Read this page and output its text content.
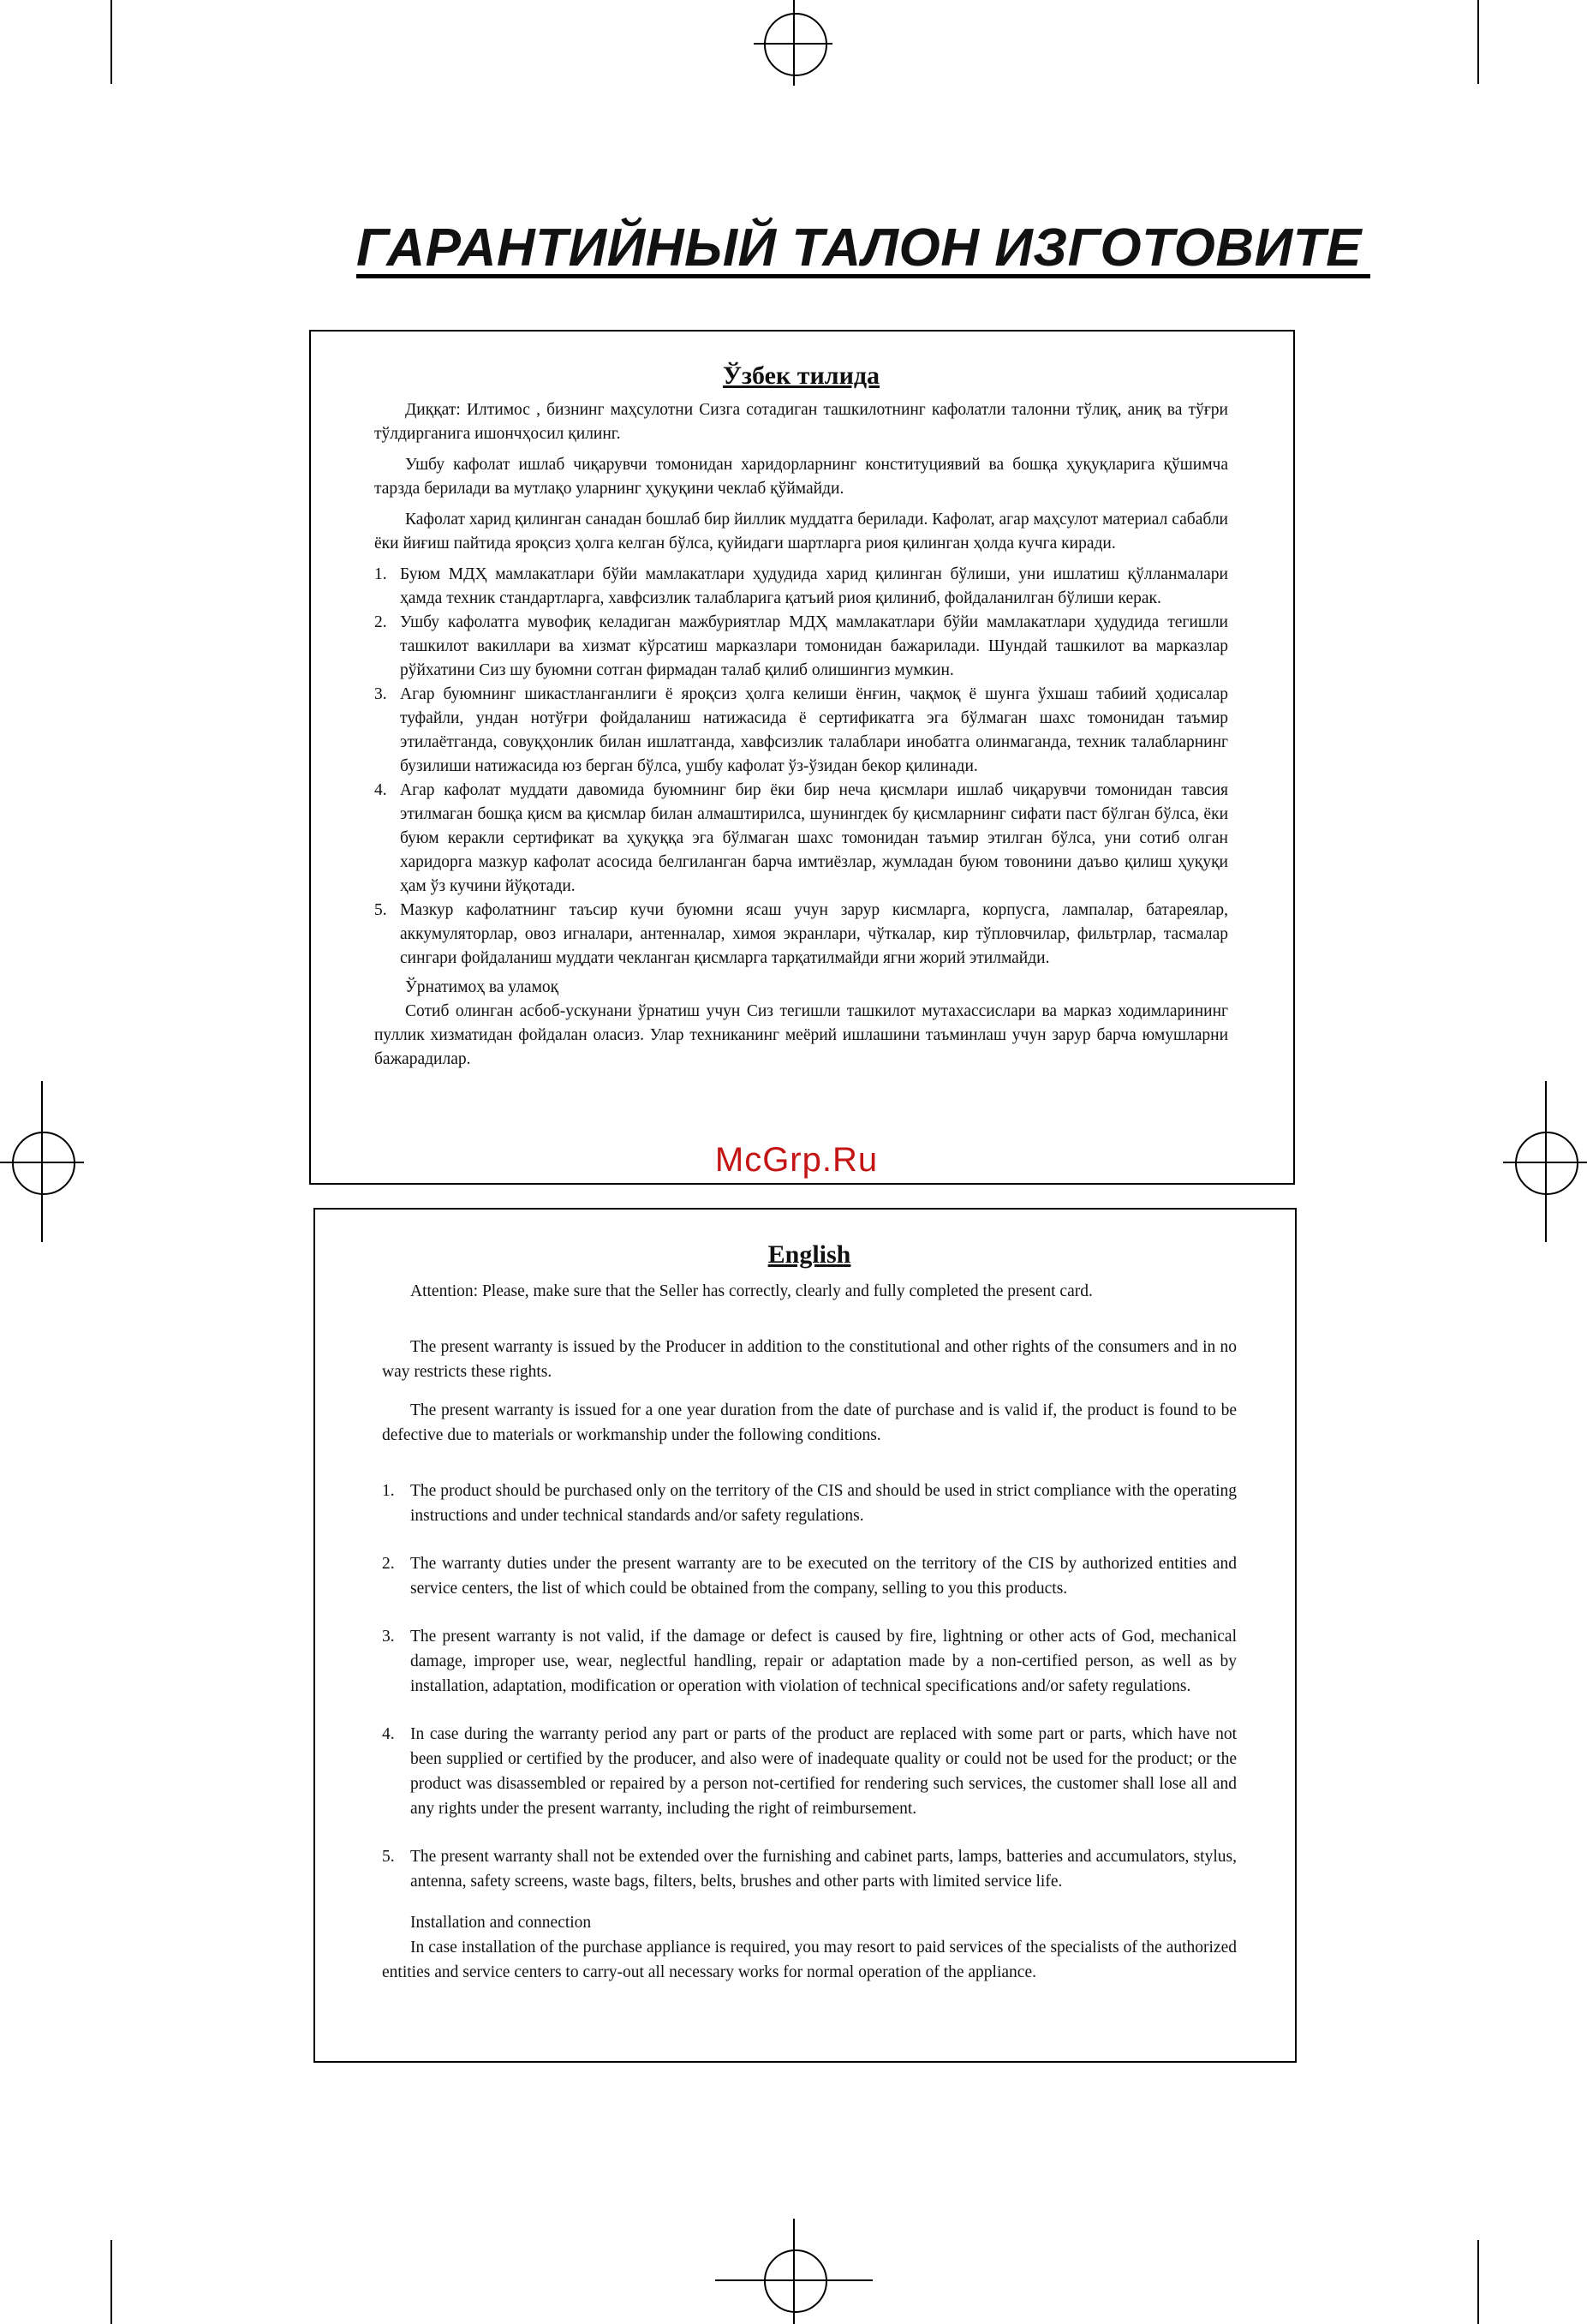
ГАРАНТИЙНЫЙ ТАЛОН ИЗГОТОВИТЕ
Ўзбек тилида

Диққат: Илтимос , бизнинг маҳсулотни Сизга сотадиган ташкилотнинг кафолатли талонни тўлиқ, аниқ ва тўғри тўлдирганига ишончҳосил қилинг.

Ушбу кафолат ишлаб чиқарувчи томонидан харидорларнинг конституциявий ва бошқа ҳуқуқларига қўшимча тарзда берилади ва мутлақо уларнинг ҳуқуқини чеклаб қўймайди.

Кафолат харид қилинган санадан бошлаб бир йиллик муддатга берилади. Кафолат, агар маҳсулот материал сабабли ёки йиғиш пайтида яроқсиз ҳолга келган бўлса, қуйидаги шартларга риоя қилинган ҳолда кучга киради.

1. Буюм МДҲ мамлакатлари бўйи мамлакатлари ҳудудида харид қилинган бўлиши, уни ишлатиш қўлланмалари ҳамда техник стандартларга, хавфсизлик талабларига қатъий риоя қилиниб, фойдаланилган бўлиши керак.
2. Ушбу кафолатга мувофиқ келадиган мажбуриятлар МДҲ мамлакатлари бўйи мамлакатлари ҳудудида тегишли ташкилот вакиллари ва хизмат кўрсатиш марказлари томонидан бажарилади. Шундай ташкилот ва марказлар рўйхатини Сиз шу буюмни сотган фирмадан талаб қилиб олишингиз мумкин.
3. Агар буюмнинг шикастланганлиги ё яроқсиз ҳолга келиши ёнғин, чақмоқ ё шунга ўхшаш табиий ҳодисалар туфайли, ундан нотўғри фойдаланиш натижасида ё сертификатга эга бўлмаган шахс томонидан таъмир этилаётганда, совуқҳонлик билан ишлатганда, хавфсизлик талаблари инобатга олинмаганда, техник талабларнинг бузилиши натижасида юз берган бўлса, ушбу кафолат ўз-ўзидан бекор қилинади.
4. Агар кафолат муддати давомида буюмнинг бир ёки бир неча қисмлари ишлаб чиқарувчи томонидан тавсия этилмаган бошқа қисм ва қисмлар билан алмаштирилса, шунингдек бу қисмларнинг сифати паст бўлган бўлса, ёки буюм керакли сертификат ва ҳуқуққа эга бўлмаган шахс томонидан таъмир этилган бўлса, уни сотиб олган харидорга мазкур кафолат асосида белгиланган барча имтиёзлар, жумладан буюм товонини даъво қилиш ҳуқуқи ҳам ўз кучини йўқотади.
5. Мазкур кафолатнинг таъсир кучи буюмни ясаш учун зарур кисмларга, корпусга, лампалар, батареялар, аккумуляторлар, овоз игналари, антенналар, химоя экранлари, чўткалар, кир тўпловчилар, фильтрлар, тасмалар сингари фойдаланиш муддати чекланган қисмларга тарқатилмайди ягни жорий этилмайди.

Ўрнатимоҳ ва уламоқ

Сотиб олинган асбоб-ускунани ўрнатиш учун Сиз тегишли ташкилот мутахассислари ва марказ ходимларининг пуллик хизматидан фойдалан оласиз. Улар техниканинг меёрий ишлашини таъминлаш учун зарур барча юмушларни бажарадилар.

McGrp.Ru
English

Attention: Please, make sure that the Seller has correctly, clearly and fully completed the present card.

The present warranty is issued by the Producer in addition to the constitutional and other rights of the consumers and in no way restricts these rights.

The present warranty is issued for a one year duration from the date of purchase and is valid if, the product is found to be defective due to materials or workmanship under the following conditions.

1. The product should be purchased only on the territory of the CIS and should be used in strict compliance with the operating instructions and under technical standards and/or safety regulations.
2. The warranty duties under the present warranty are to be executed on the territory of the CIS by authorized entities and service centers, the list of which could be obtained from the company, selling to you this products.
3. The present warranty is not valid, if the damage or defect is caused by fire, lightning or other acts of God, mechanical damage, improper use, wear, neglectful handling, repair or adaptation made by a non-certified person, as well as by installation, adaptation, modification or operation with violation of technical specifications and/or safety regulations.
4. In case during the warranty period any part or parts of the product are replaced with some part or parts, which have not been supplied or certified by the producer, and also were of inadequate quality or could not be used for the product; or the product was disassembled or repaired by a person not-certified for rendering such services, the customer shall lose all and any rights under the present warranty, including the right of reimbursement.
5. The present warranty shall not be extended over the furnishing and cabinet parts, lamps, batteries and accumulators, stylus, antenna, safety screens, waste bags, filters, belts, brushes and other parts with limited service life.

Installation and connection

In case installation of the purchase appliance is required, you may resort to paid services of the specialists of the authorized entities and service centers to carry-out all necessary works for normal operation of the appliance.
